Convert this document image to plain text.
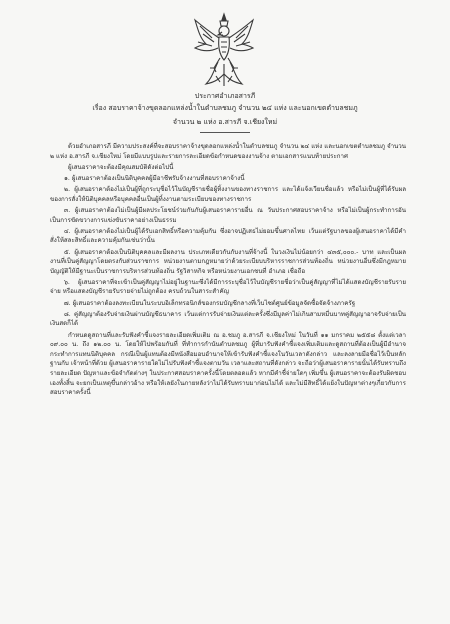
ประกาศอำเภอสารภี
เรื่อง สอบราคาจ้างขุดลอกแหล่งน้ำในตำบลชมภู จำนวน ๒๔ แห่ง และนอกเขตตำบลชมภู
จำนวน ๒ แห่ง อ.สารภี จ.เชียงใหม่

ด้วยอำเภอสารภี มีความประสงค์ที่จะสอบราคาจ้างขุดลอกแหล่งน้ำในตำบลชมภู จำนวน ๒๔ แห่ง และนอกเขตตำบลชมภู จำนวน ๒ แห่ง อ.สารภี จ.เชียงใหม่ โดยมีแบบรูปและรายการละเอียดข้อกำหนดของงานจ้าง ตามเอกสารแนบท้ายประกาศ

ผู้เสนอราคาจะต้องมีคุณสมบัติดังต่อไปนี้

๑. ผู้เสนอราคาต้องเป็นนิติบุคคลผู้มีอาชีพรับจ้างงานที่สอบราคาจ้างนี้

๒. ผู้เสนอราคาต้องไม่เป็นผู้ที่ถูกระบุชื่อไว้ในบัญชีรายชื่อผู้ทิ้งงานของทางราชการ และได้แจ้งเวียนชื่อแล้ว หรือไม่เป็นผู้ที่ได้รับผลของการสั่งให้นิติบุคคลหรือบุคคลอื่นเป็นผู้ทิ้งงานตามระเบียบของทางราชการ

๓. ผู้เสนอราคาต้องไม่เป็นผู้มีผลประโยชน์ร่วมกันกับผู้เสนอราคารายอื่น ณ วันประกาศสอบราคาจ้าง หรือไม่เป็นผู้กระทำการอันเป็นการขัดขวางการแข่งขันราคาอย่างเป็นธรรม

๔. ผู้เสนอราคาต้องไม่เป็นผู้ได้รับเอกสิทธิ์หรือความคุ้มกัน ซึ่งอาจปฏิเสธไม่ยอมขึ้นศาลไทย เว้นแต่รัฐบาลของผู้เสนอราคาได้มีคำสั่งให้สละสิทธิ์และความคุ้มกันเช่นว่านั้น

๕. ผู้เสนอราคาต้องเป็นนิติบุคคลและมีผลงาน ประเภทเดียวกันกับงานที่จ้างนี้ ในวงเงินไม่น้อยกว่า ๔๓๕,๐๐๐.- บาท และเป็นผลงานที่เป็นคู่สัญญาโดยตรงกับส่วนราชการ หน่วยงานตามกฎหมายว่าด้วยระเบียบบริหารราชการส่วนท้องถิ่น หน่วยงานอื่นซึ่งมีกฎหมายบัญญัติให้มีฐานะเป็นราชการบริหารส่วนท้องถิ่น รัฐวิสาหกิจ หรือหน่วยงานเอกชนที่ อำเภอ เชื่อถือ

๖. ผู้เสนอราคาที่จะเข้าเป็นคู่สัญญาไม่อยู่ในฐานะซึ่งได้มีการระบุชื่อไว้ในบัญชีรายชื่อว่าเป็นคู่สัญญาที่ไม่ได้แสดงบัญชีรายรับรายจ่าย หรือแสดงบัญชีรายรับรายจ่ายไม่ถูกต้อง ครบถ้วนในสาระสำคัญ

๗. ผู้เสนอราคาต้องลงทะเบียนในระบบอิเล็กทรอนิกส์ของกรมบัญชีกลางที่เว็บไซต์ศูนย์ข้อมูลจัดซื้อจัดจ้างภาครัฐ

๘. คู่สัญญาต้องรับจ่ายเงินผ่านบัญชีธนาคาร เว้นแต่การรับจ่ายเงินแต่ละครั้งซึ่งมีมูลค่าไม่เกินสามหมื่นบาทคู่สัญญาอาจรับจ่ายเป็นเงินสดก็ได้

กำหนดดูสถานที่และรับฟังคำชี้แจงรายละเอียดเพิ่มเติม ณ อ.ชมภู อ.สารภี จ.เชียงใหม่ ในวันที่ ๑๑ มกราคม ๒๕๕๘ ตั้งแต่เวลา ๐๙.๐๐ น. ถึง ๑๒.๐๐ น. โดยให้ไปพร้อมกันที่ ที่ทำการกำนันตำบลชมภู ผู้ที่มารับฟังคำชี้แจงเพิ่มเติมและดูสถานที่ต้องเป็นผู้มีอำนาจกระทำการแทนนิติบุคคล กรณีเป็นผู้แทนต้องมีหนังสือมอบอำนาจให้เข้ารับฟังคำชี้แจงในวันเวลาดังกล่าว และลงลายมือชื่อไว้เป็นหลักฐานกับ เจ้าหน้าที่ด้วย ผู้เสนอราคารายใดไม่ไปรับฟังคำชี้แจงตามวัน เวลาและสถานที่ดังกล่าว จะถือว่าผู้เสนอราคารายนั้นได้รับทราบถึงรายละเอียด ปัญหาและข้อจำกัดต่างๆ ในประกาศสอบราคาครั้งนี้โดยตลอดแล้ว หากมีคำชี้จ่ายใดๆ เพิ่มขึ้น ผู้เสนอราคาจะต้องรับผิดชอบเองทั้งสิ้น จะยกเป็นเหตุขึ้นกล่าวอ้าง หรือให้เลยังในภายหลังว่าไม่ได้รับทราบมาก่อนไม่ได้ และไม่มีสิทธิ์ได้แย้งในปัญหาต่างๆเกี่ยวกับการสอบราคาครั้งนี้
